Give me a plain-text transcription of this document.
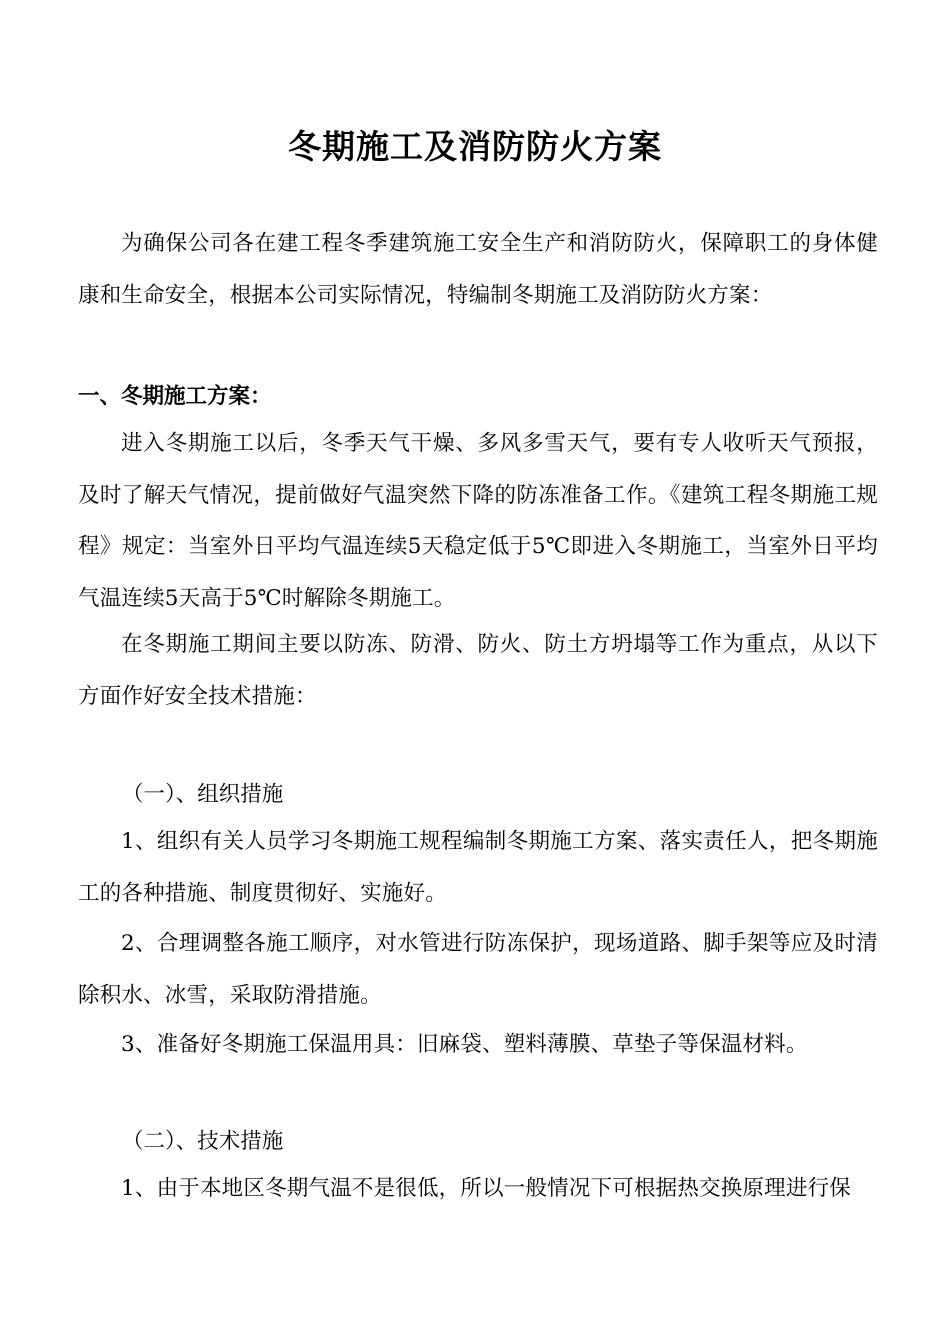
冬期施工及消防防火方案

为确保公司各在建工程冬季建筑施工安全生产和消防防火，保障职工的身体健康和生命安全，根据本公司实际情况，特编制冬期施工及消防防火方案：

一、冬期施工方案：

进入冬期施工以后，冬季天气干燥、多风多雪天气，要有专人收听天气预报，及时了解天气情况，提前做好气温突然下降的防冻准备工作。《建筑工程冬期施工规程》规定：当室外日平均气温连续5天稳定低于5℃即进入冬期施工，当室外日平均气温连续5天高于5℃时解除冬期施工。

在冬期施工期间主要以防冻、防滑、防火、防土方坍塌等工作为重点，从以下方面作好安全技术措施：

（一）、组织措施

1、组织有关人员学习冬期施工规程编制冬期施工方案、落实责任人，把冬期施工的各种措施、制度贯彻好、实施好。

2、合理调整各施工顺序，对水管进行防冻保护，现场道路、脚手架等应及时清除积水、冰雪，采取防滑措施。

3、准备好冬期施工保温用具：旧麻袋、塑料薄膜、草垫子等保温材料。

（二）、技术措施

1、由于本地区冬期气温不是很低，所以一般情况下可根据热交换原理进行保
